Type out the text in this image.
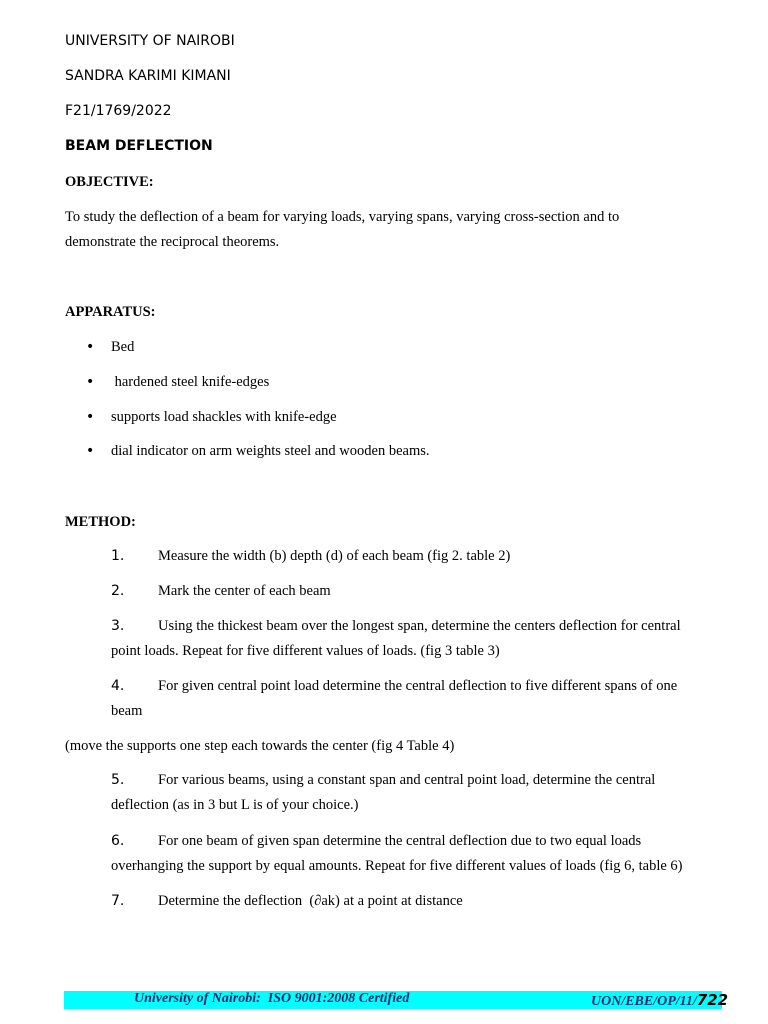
UNIVERSITY OF NAIROBI
SANDRA KARIMI KIMANI
F21/1769/2022
BEAM DEFLECTION
OBJECTIVE:
To study the deflection of a beam for varying loads, varying spans, varying cross-section and to
demonstrate the reciprocal theorems.
APPARATUS:
• Bed
• hardened steel knife-edges
• supports load shackles with knife-edge
• dial indicator on arm weights steel and wooden beams.
METHOD:
1. Measure the width (b) depth (d) of each beam (fig 2. table 2)
2. Mark the center of each beam
3. Using the thickest beam over the longest span, determine the centers deflection for central
point loads. Repeat for five different values of loads. (fig 3 table 3)
4. For given central point load determine the central deflection to five different spans of one
beam
(move the supports one step each towards the center (fig 4 Table 4)
5. For various beams, using a constant span and central point load, determine the central
deflection (as in 3 but L is of your choice.)
6. For one beam of given span determine the central deflection due to two equal loads
overhanging the support by equal amounts. Repeat for five different values of loads (fig 6, table 6)
7. Determine the deflection  (∂ak) at a point at distance
University of Nairobi:  ISO 9001:2008 Certified	UON/EBE/OP/11/722
